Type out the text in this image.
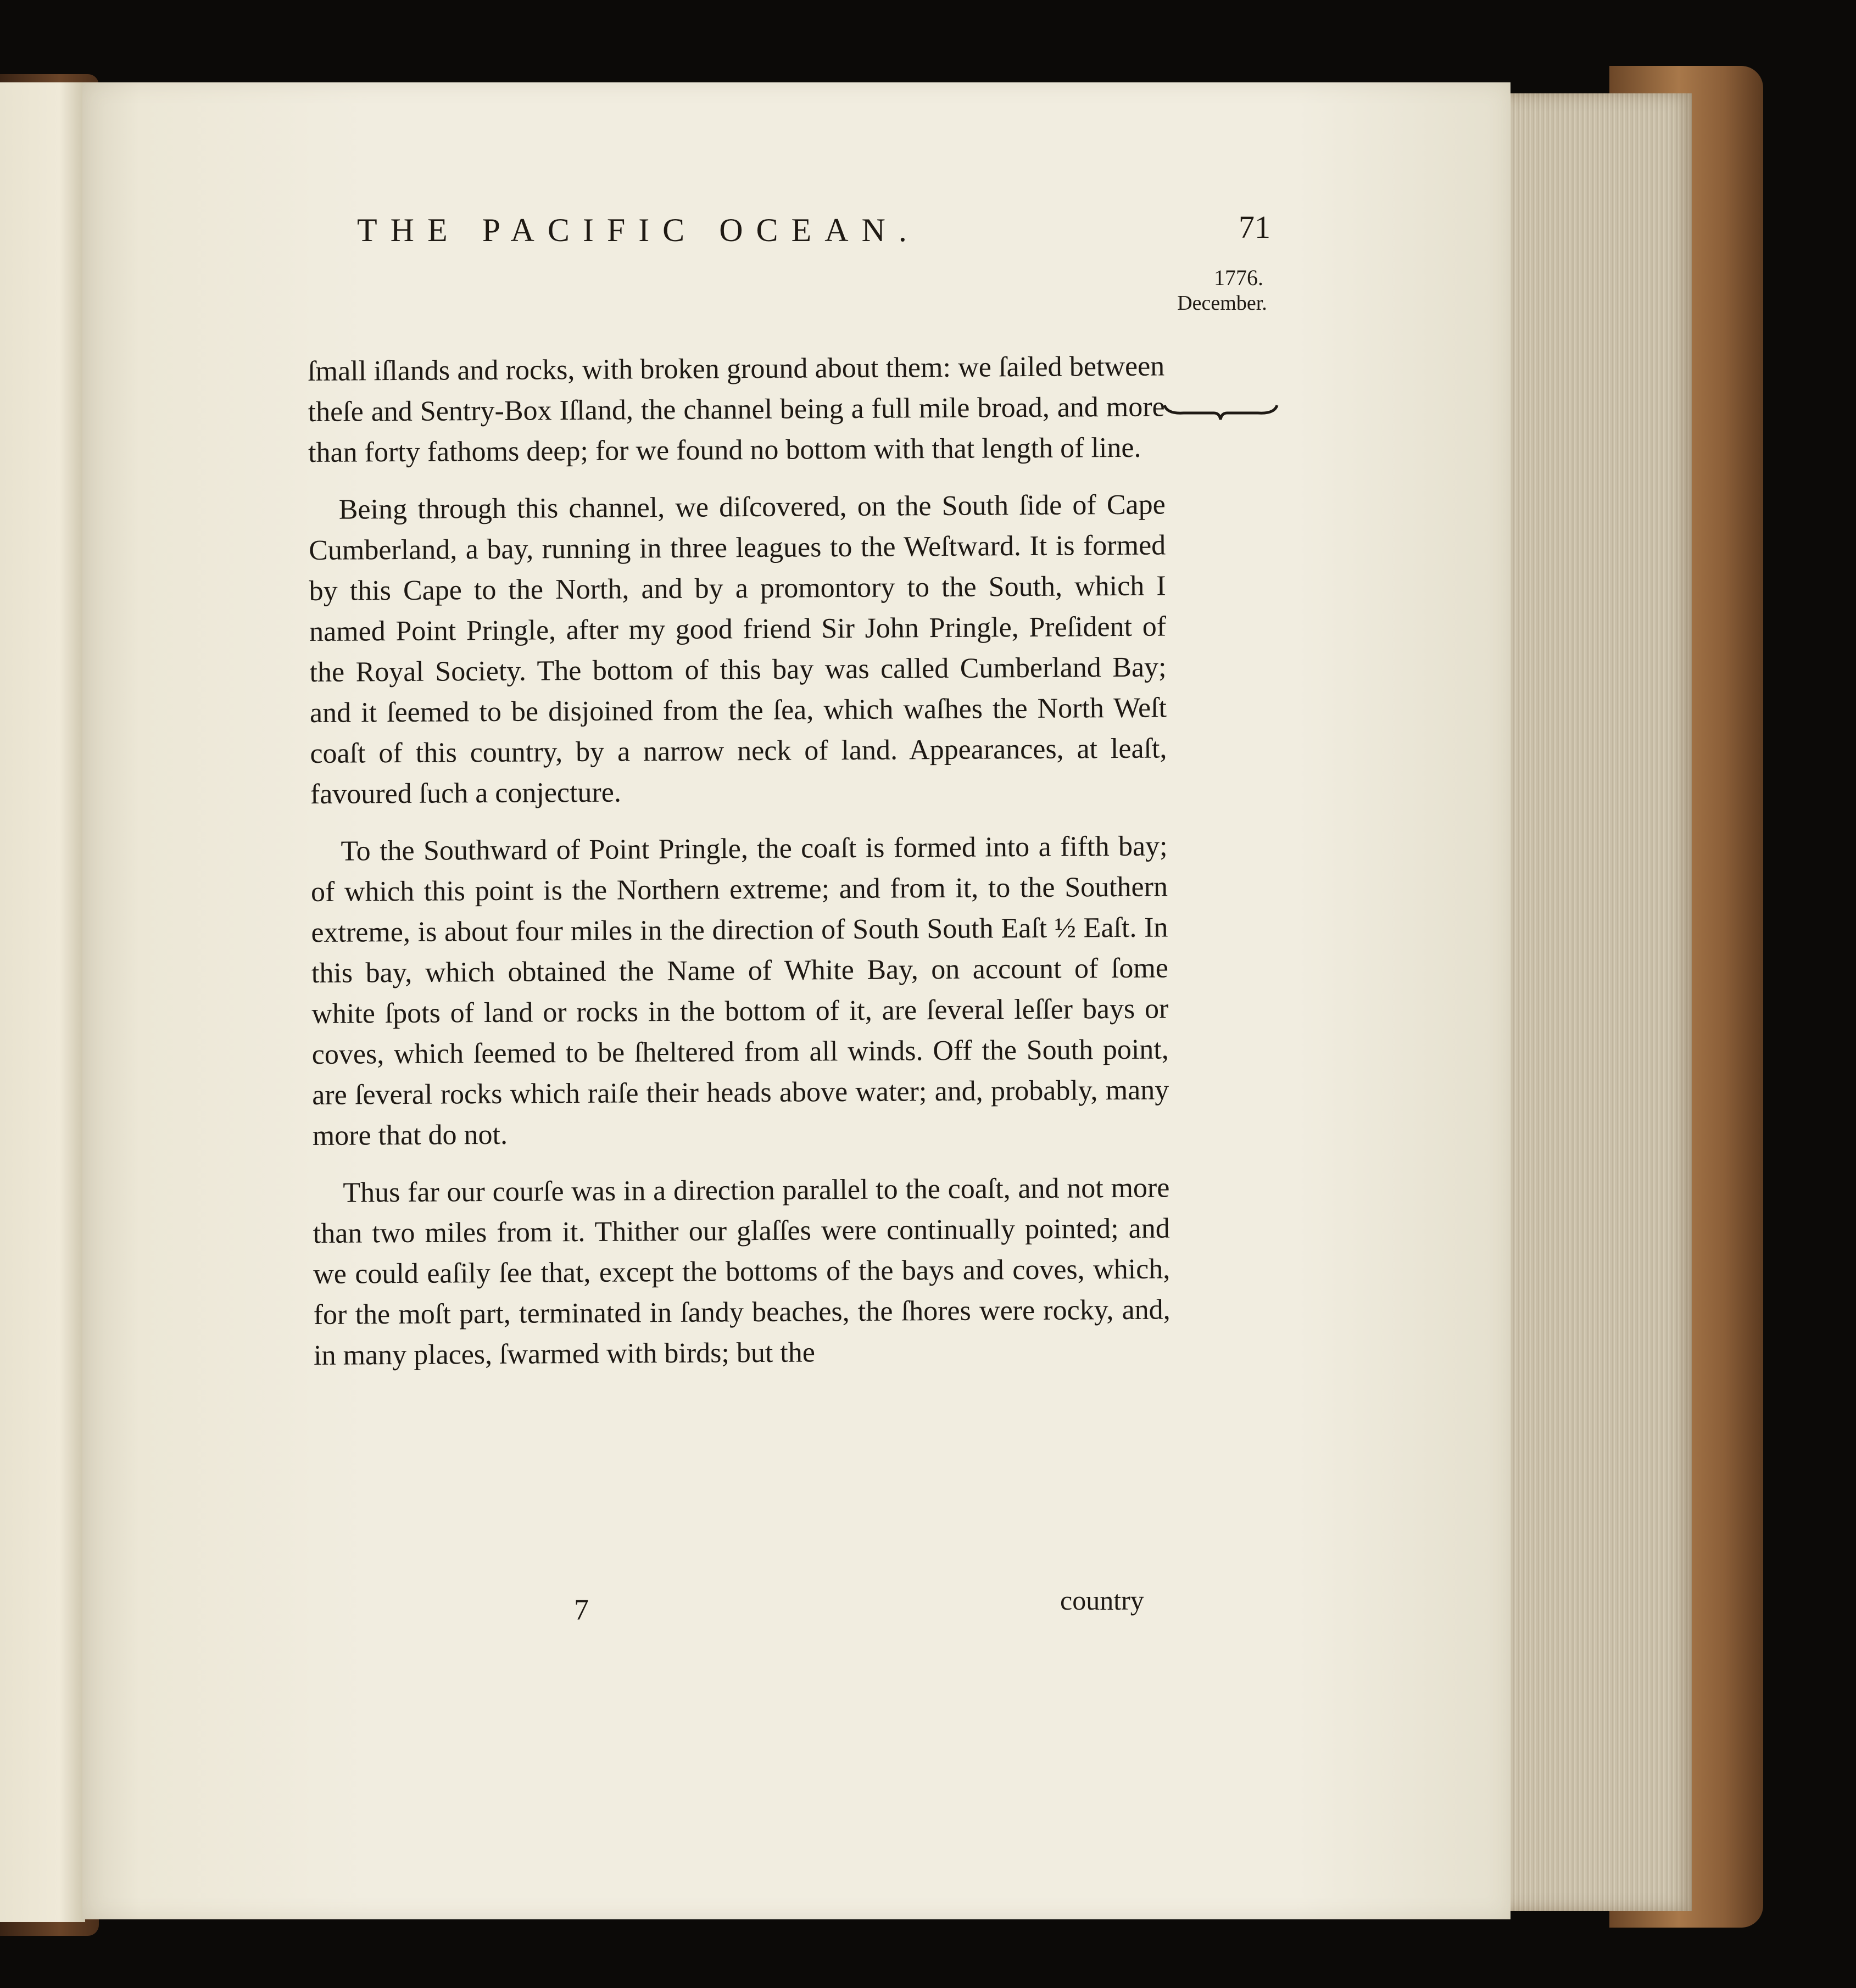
THE PACIFIC OCEAN.	71
1776.
December.

ſmall iſlands and rocks, with broken ground about them: we ſailed between theſe and Sentry-Box Iſland, the channel being a full mile broad, and more than forty fathoms deep; for we found no bottom with that length of line.

Being through this channel, we diſcovered, on the South ſide of Cape Cumberland, a bay, running in three leagues to the Weſtward. It is formed by this Cape to the North, and by a promontory to the South, which I named Point Pringle, after my good friend Sir John Pringle, Preſident of the Royal Society. The bottom of this bay was called Cumberland Bay; and it ſeemed to be disjoined from the ſea, which waſhes the North Weſt coaſt of this country, by a narrow neck of land. Appearances, at leaſt, favoured ſuch a conjecture.

To the Southward of Point Pringle, the coaſt is formed into a fifth bay; of which this point is the Northern extreme; and from it, to the Southern extreme, is about four miles in the direction of South South Eaſt ½ Eaſt. In this bay, which obtained the Name of White Bay, on account of ſome white ſpots of land or rocks in the bottom of it, are ſeveral leſſer bays or coves, which ſeemed to be ſheltered from all winds. Off the South point, are ſeveral rocks which raiſe their heads above water; and, probably, many more that do not.

Thus far our courſe was in a direction parallel to the coaſt, and not more than two miles from it. Thither our glaſſes were continually pointed; and we could eaſily ſee that, except the bottoms of the bays and coves, which, for the moſt part, terminated in ſandy beaches, the ſhores were rocky, and, in many places, ſwarmed with birds; but the

7	country
